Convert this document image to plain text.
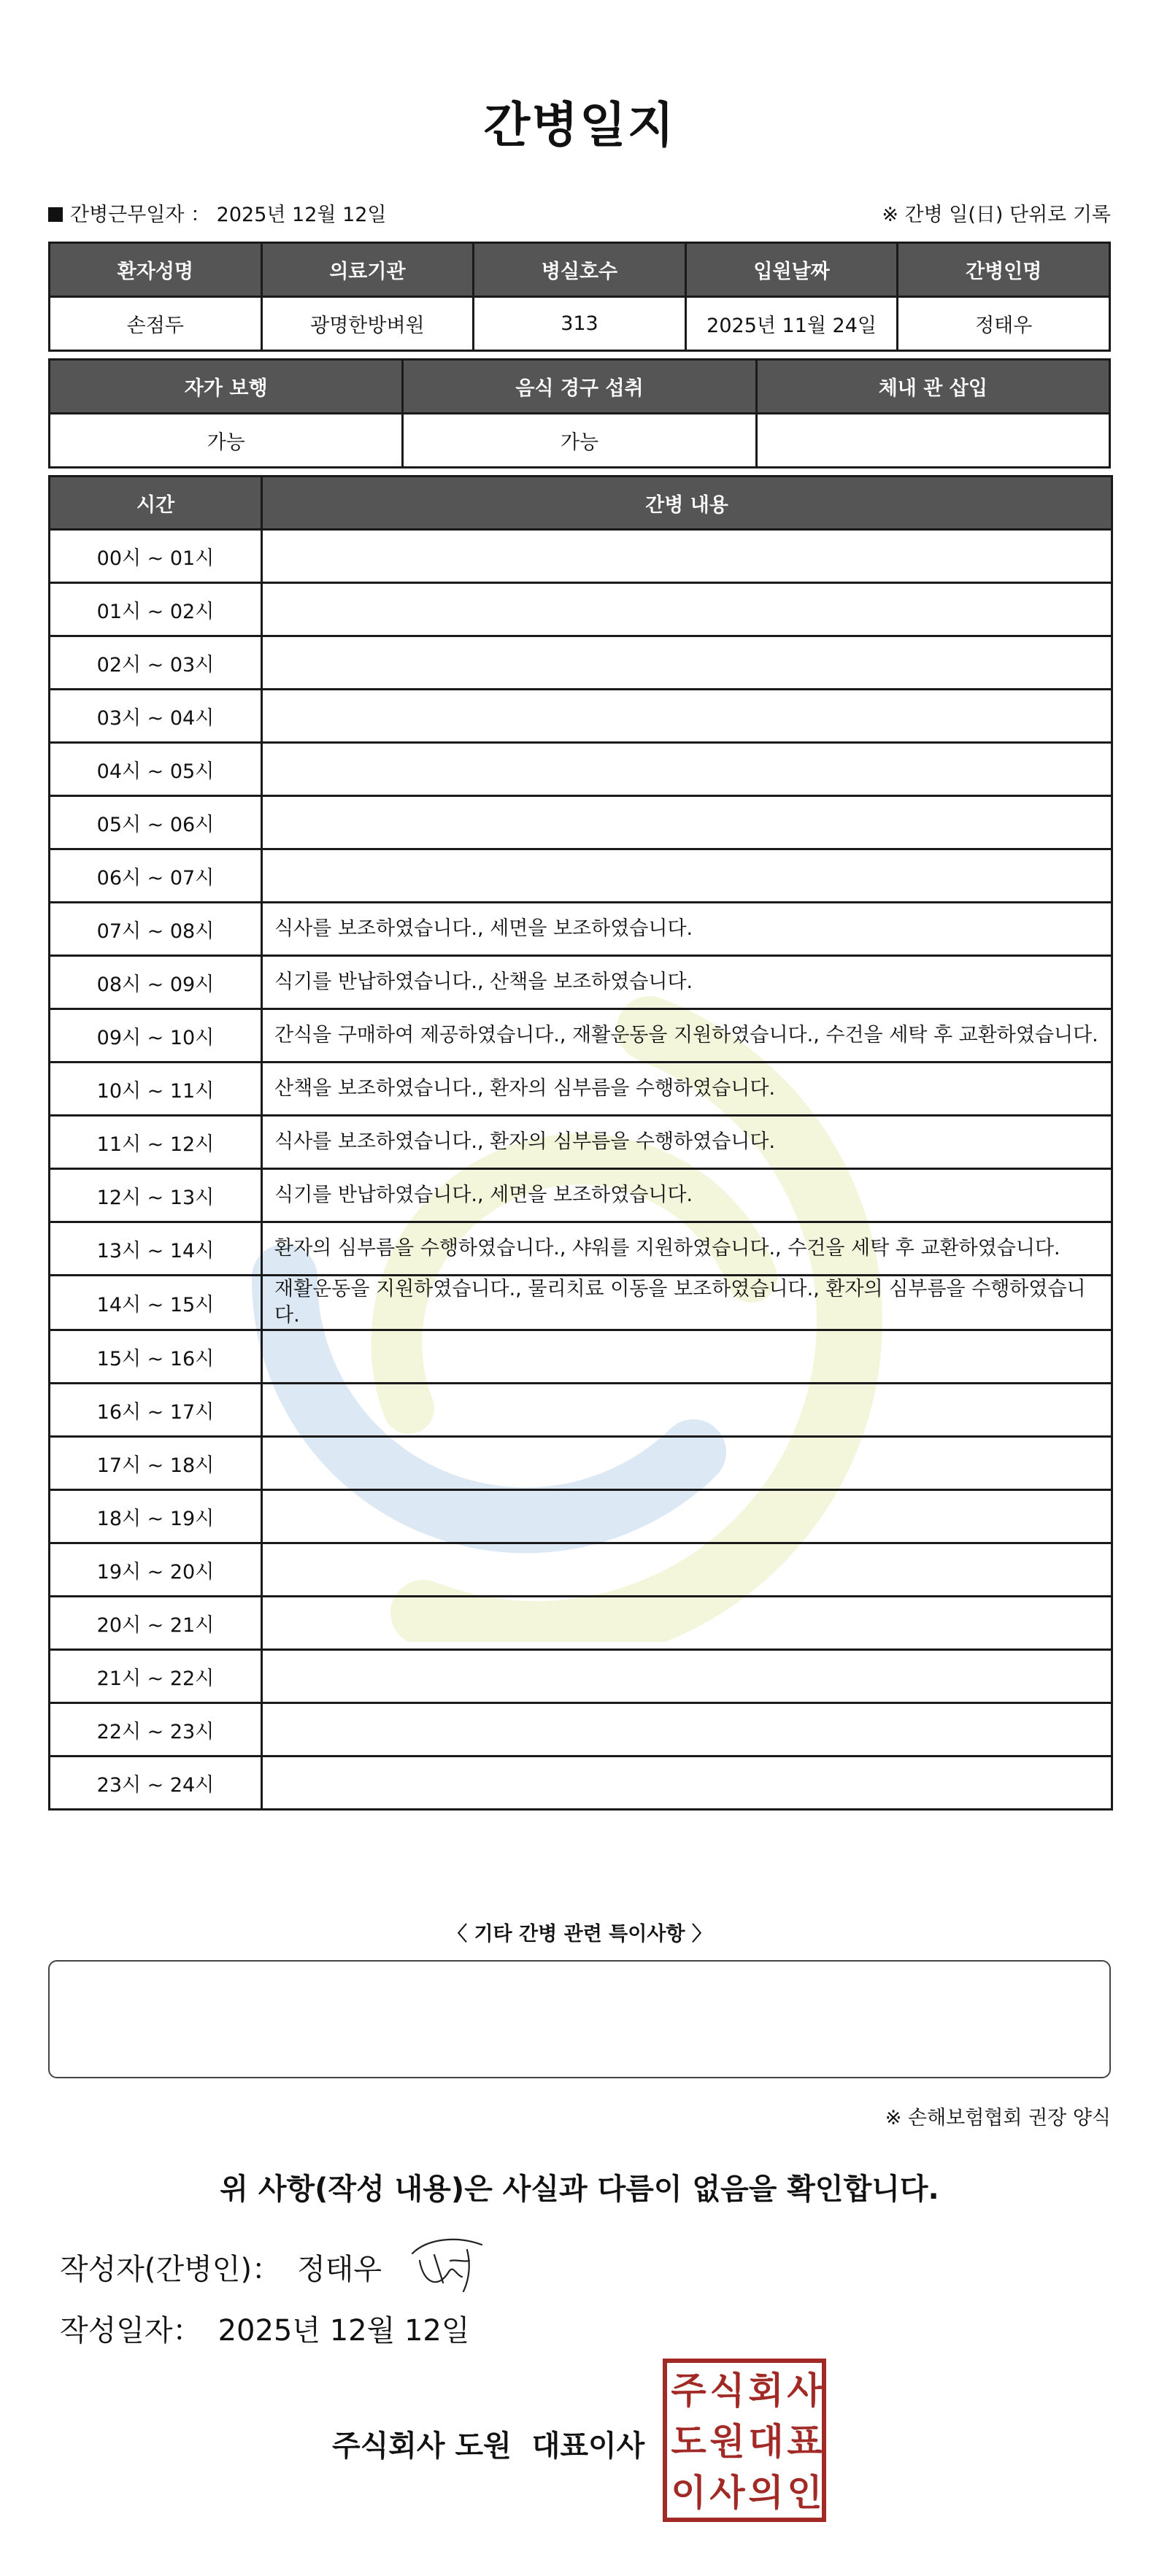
간병일지
간병근무일자 ： 2025년 12월 12일	※ 간병 일(日) 단위로 기록
환자성명	의료기관	병실호수	입원날짜	간병인명
손점두	광명한방벼원	313	2025년 11월 24일	정태우
자가 보행	음식 경구 섭취	체내 관 삽입
가능	가능	
시간	간병 내용
00시 ~ 01시	
01시 ~ 02시	
02시 ~ 03시	
03시 ~ 04시	
04시 ~ 05시	
05시 ~ 06시	
06시 ~ 07시	
07시 ~ 08시	식사를 보조하였습니다., 세면을 보조하였습니다.
08시 ~ 09시	식기를 반납하였습니다., 산책을 보조하였습니다.
09시 ~ 10시	간식을 구매하여 제공하였습니다., 재활운동을 지원하였습니다., 수건을 세탁 후 교환하였습니다.
10시 ~ 11시	산책을 보조하였습니다., 환자의 심부름을 수행하였습니다.
11시 ~ 12시	식사를 보조하였습니다., 환자의 심부름을 수행하였습니다.
12시 ~ 13시	식기를 반납하였습니다., 세면을 보조하였습니다.
13시 ~ 14시	환자의 심부름을 수행하였습니다., 샤워를 지원하였습니다., 수건을 세탁 후 교환하였습니다.
14시 ~ 15시	재활운동을 지원하였습니다., 물리치료 이동을 보조하였습니다., 환자의 심부름을 수행하였습니다.
15시 ~ 16시	
16시 ~ 17시	
17시 ~ 18시	
18시 ~ 19시	
19시 ~ 20시	
20시 ~ 21시	
21시 ~ 22시	
22시 ~ 23시	
23시 ~ 24시	
〈 기타 간병 관련 특이사항 〉
※ 손해보험협회 권장 양식
위 사항(작성 내용)은 사실과 다름이 없음을 확인합니다.
작성자(간병인)： 정태우
작성일자： 2025년 12월 12일
주식회사 도원 대표이사
주 식 회 사
도 원 대 표
이 사 의 인
